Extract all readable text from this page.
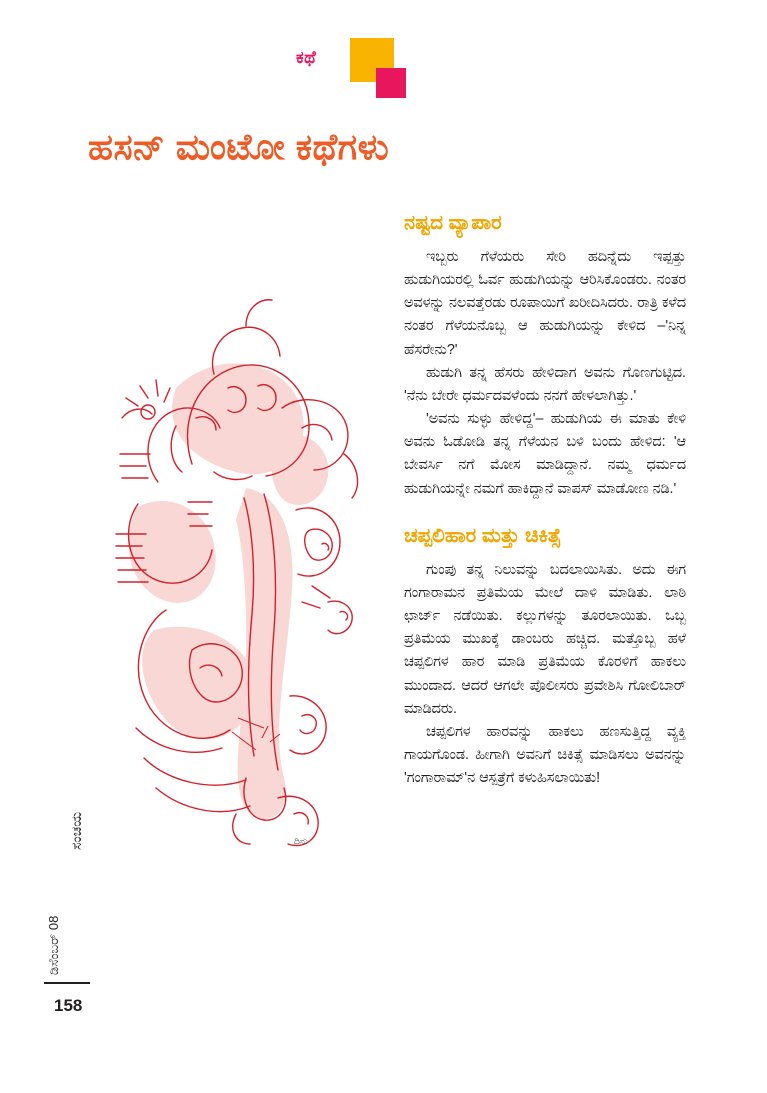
ಕಥೆ
ಹಸನ್ ಮಂಟೋ ಕಥೆಗಳು
ದಿನು
ನಷ್ಟದ ವ್ಯಾಪಾರ

ಇಬ್ಬರು ಗೆಳೆಯರು ಸೇರಿ ಹದಿನ್ನೆದು ಇಪ್ಪತ್ತು ಹುಡುಗಿಯರಲ್ಲಿ ಓರ್ವ ಹುಡುಗಿಯನ್ನು ಆರಿಸಿಕೊಂಡರು. ನಂತರ ಅವಳನ್ನು ನಲವತ್ತೆರಡು ರೂಪಾಯಿಗೆ ಖರೀದಿಸಿದರು. ರಾತ್ರಿ ಕಳೆದ ನಂತರ ಗೆಳೆಯನೊಬ್ಬ ಆ ಹುಡುಗಿಯನ್ನು ಕೇಳಿದ –'ನಿನ್ನ ಹೆಸರೇನು?'

ಹುಡುಗಿ ತನ್ನ ಹೆಸರು ಹೇಳಿದಾಗ ಅವನು ಗೊಣಗುಟ್ಟಿದ. 'ನೆನು ಬೇರೇ ಧರ್ಮದವಳೆಂದು ನನಗೆ ಹೇಳಲಾಗಿತ್ತು.'

'ಅವನು ಸುಳ್ಳು ಹೇಳಿದ್ದ'– ಹುಡುಗಿಯ ಈ ಮಾತು ಕೇಳಿ ಅವನು ಓಡೋಡಿ ತನ್ನ ಗೆಳೆಯನ ಬಳಿ ಬಂದು ಹೇಳಿದ: 'ಆ ಬೇವರ್ಸಿ ನಗೆ ಮೋಸ ಮಾಡಿದ್ದಾನೆ. ನಮ್ಮ ಧರ್ಮದ ಹುಡುಗಿಯನ್ನೇ ನಮಗೆ ಹಾಕಿದ್ದಾನೆ ವಾಪಸ್ ಮಾಡೋಣ ನಡಿ.'

ಚಪ್ಪಲಿಹಾರ ಮತ್ತು ಚಿಕಿತ್ಸೆ

ಗುಂಪು ತನ್ನ ನಿಲುವನ್ನು ಬದಲಾಯಿಸಿತು. ಅದು ಈಗ ಗಂಗಾರಾಮನ ಪ್ರತಿಮೆಯ ಮೇಲೆ ದಾಳಿ ಮಾಡಿತು. ಲಾಠಿ ಛಾರ್ಜ್ ನಡೆಯಿತು. ಕಲ್ಲುಗಳನ್ನು ತೂರಲಾಯಿತು. ಒಬ್ಬ ಪ್ರತಿಮೆಯ ಮುಖಕ್ಕೆ ಡಾಂಬರು ಹಚ್ಚಿದ. ಮತ್ತೊಬ್ಬ ಹಳೆ ಚಪ್ಪಲಿಗಳ ಹಾರ ಮಾಡಿ ಪ್ರತಿಮೆಯ ಕೊರಳಿಗೆ ಹಾಕಲು ಮುಂದಾದ. ಆದರೆ ಆಗಲೇ ಪೊಲೀಸರು ಪ್ರವೇಶಿಸಿ ಗೋಲಿಬಾರ್ ಮಾಡಿದರು.

ಚಪ್ಪಲಿಗಳ ಹಾರವನ್ನು ಹಾಕಲು ಹಣಸುತ್ತಿದ್ದ ವ್ಯಕ್ತಿ ಗಾಯಗೊಂಡ. ಹೀಗಾಗಿ ಅವನಿಗೆ ಚಿಕಿತ್ಸೆ ಮಾಡಿಸಲು ಅವನನ್ನು 'ಗಂಗಾರಾಮ್'ನ ಆಸ್ಪತ್ರೆಗೆ ಕಳುಹಿಸಲಾಯಿತು!

ಸಂಚಯ
ಡಿಸೆಂಬರ್ 08
158
